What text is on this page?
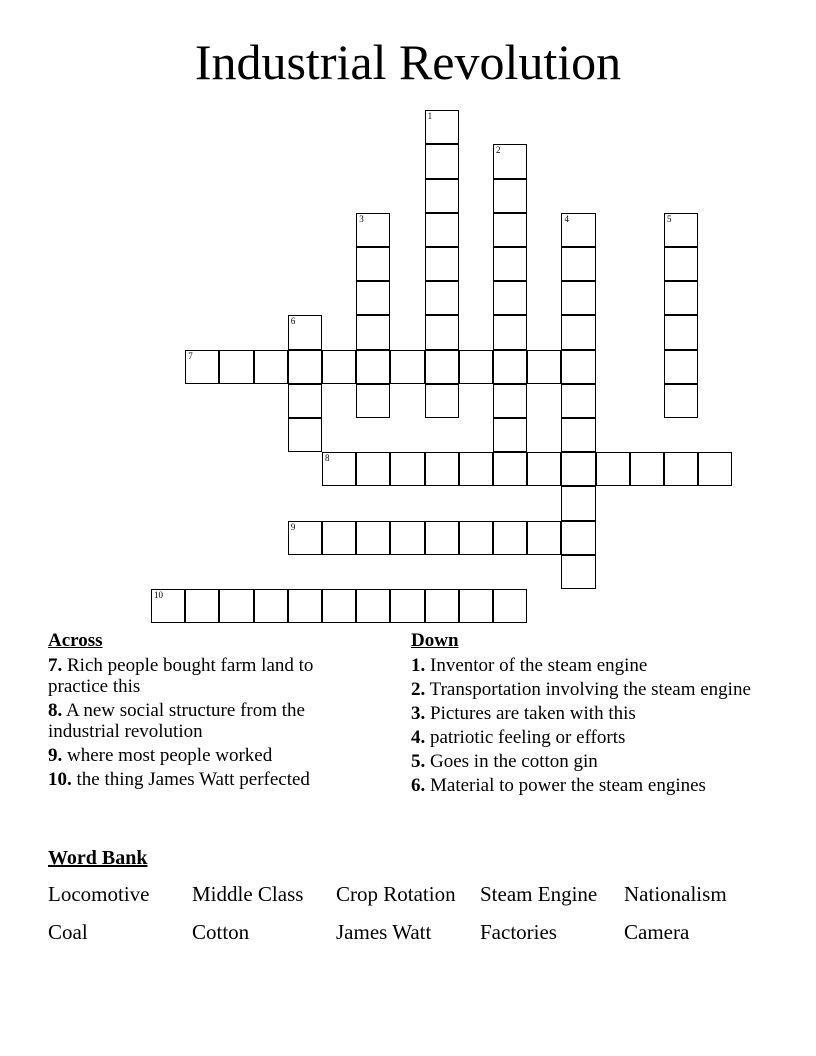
Industrial Revolution
1
2
3	4	5
6
7
8
9
10
Across
7. Rich people bought farm land to practice this
8. A new social structure from the industrial revolution
9. where most people worked
10. the thing James Watt perfected
Down
1. Inventor of the steam engine
2. Transportation involving the steam engine
3. Pictures are taken with this
4. patriotic feeling or efforts
5. Goes in the cotton gin
6. Material to power the steam engines
Word Bank
Locomotive	Middle Class	Crop Rotation	Steam Engine	Nationalism
Coal	Cotton	James Watt	Factories	Camera
